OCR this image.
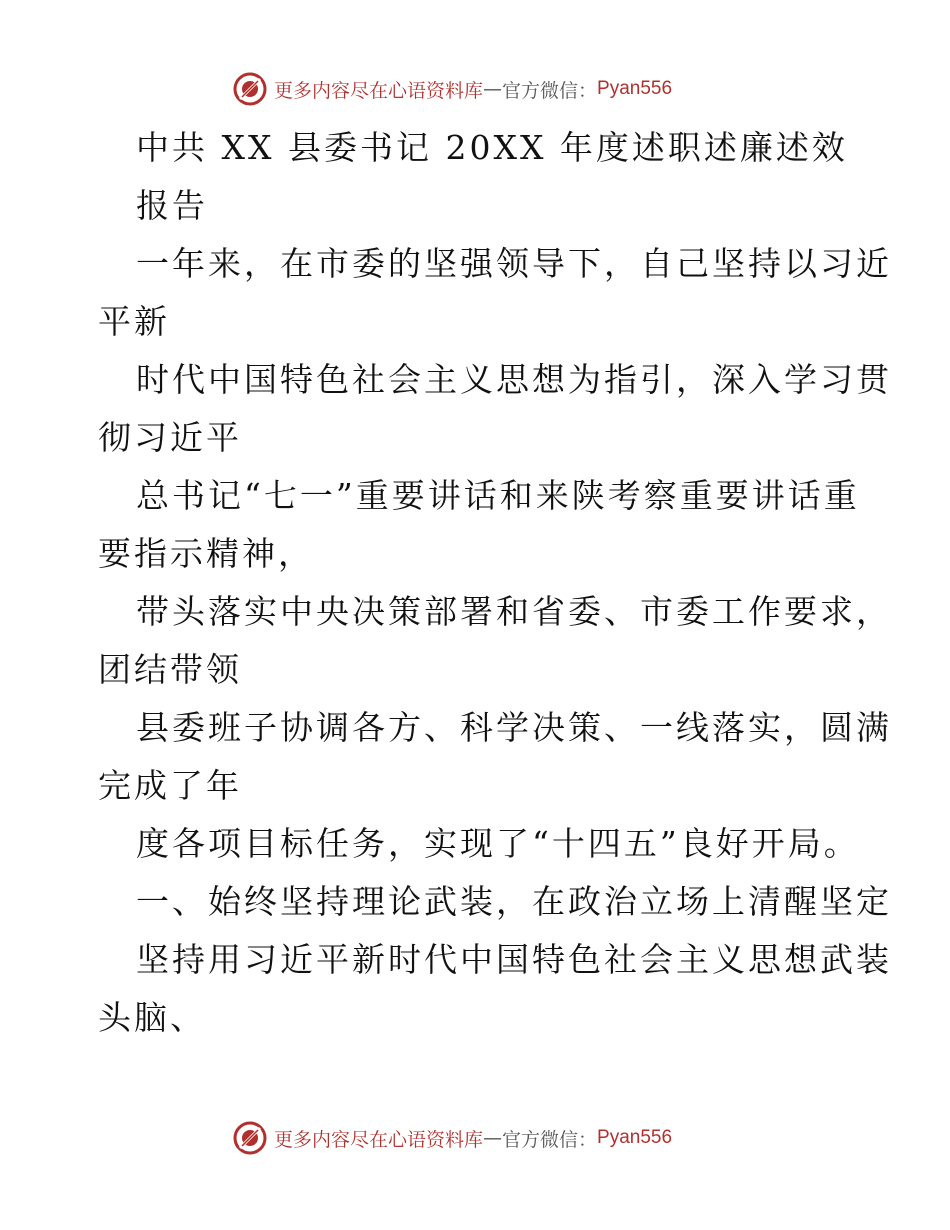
更多内容尽在心语资料库 — 官方微信： Pyan556
中共 XX 县委书记 20XX 年度述职述廉述效
报告
一年来，在市委的坚强领导下，自己坚持以习近
平新
时代中国特色社会主义思想为指引，深入学习贯
彻习近平
总书记“七一”重要讲话和来陕考察重要讲话重
要指示精神，
带头落实中央决策部署和省委、市委工作要求，
团结带领
县委班子协调各方、科学决策、一线落实，圆满
完成了年
度各项目标任务，实现了“十四五”良好开局。
一、始终坚持理论武装，在政治立场上清醒坚定
坚持用习近平新时代中国特色社会主义思想武装
头脑、
更多内容尽在心语资料库 — 官方微信： Pyan556
